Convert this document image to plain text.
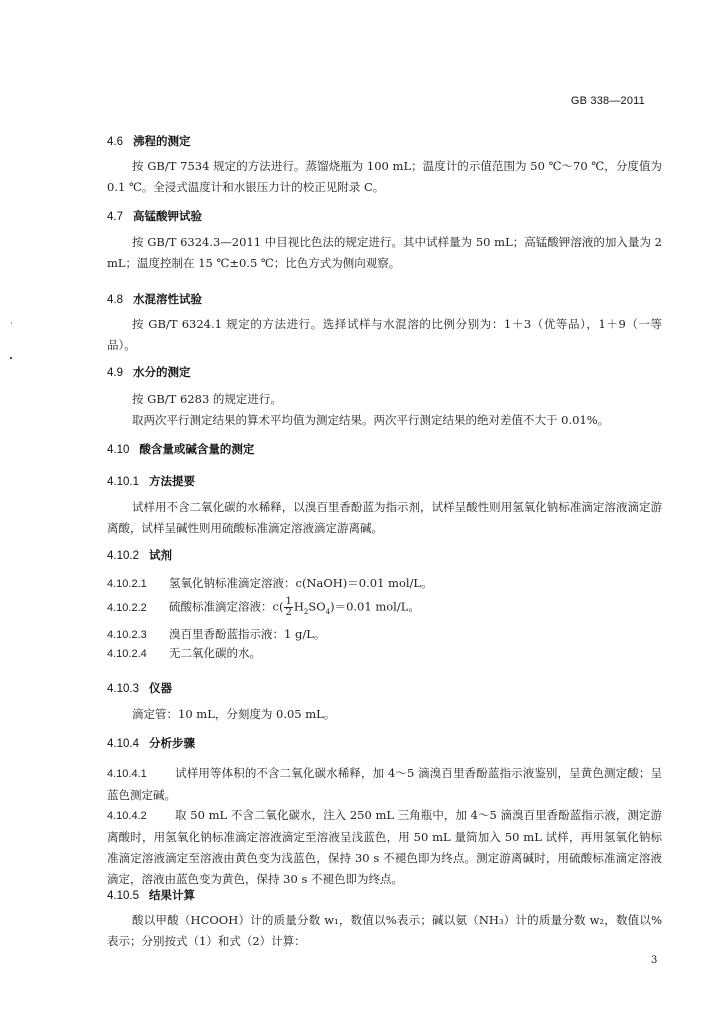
GB 338—2011
4.6 沸程的测定
按 GB/T 7534 规定的方法进行。蒸馏烧瓶为 100 mL；温度计的示值范围为 50 ℃～70 ℃，分度值为 0.1 ℃。全浸式温度计和水银压力计的校正见附录 C。
4.7 高锰酸钾试验
按 GB/T 6324.3—2011 中目视比色法的规定进行。其中试样量为 50 mL；高锰酸钾溶液的加入量为 2 mL；温度控制在 15 ℃±0.5 ℃；比色方式为侧向观察。
4.8 水混溶性试验
按 GB/T 6324.1 规定的方法进行。选择试样与水混溶的比例分别为：1＋3（优等品），1＋9（一等品）。
4.9 水分的测定
按 GB/T 6283 的规定进行。
取两次平行测定结果的算术平均值为测定结果。两次平行测定结果的绝对差值不大于 0.01%。
4.10 酸含量或碱含量的测定
4.10.1 方法提要
试样用不含二氧化碳的水稀释，以溴百里香酚蓝为指示剂，试样呈酸性则用氢氧化钠标准滴定溶液滴定游离酸，试样呈碱性则用硫酸标准滴定溶液滴定游离碱。
4.10.2 试剂
4.10.2.1 氢氧化钠标准滴定溶液：c(NaOH)＝0.01 mol/L。
4.10.2.2 硫酸标准滴定溶液：$c( \frac{1}{2} H_2SO_4)=0.01$ mol/L。
4.10.2.3 溴百里香酚蓝指示液：1 g/L。
4.10.2.4 无二氧化碳的水。
4.10.3 仪器
滴定管：10 mL，分刻度为 0.05 mL。
4.10.4 分析步骤
4.10.4.1 试样用等体积的不含二氧化碳水稀释，加 4～5 滴溴百里香酚蓝指示液鉴别，呈黄色测定酸；呈蓝色测定碱。
4.10.4.2 取 50 mL 不含二氧化碳水，注入 250 mL 三角瓶中，加 4～5 滴溴百里香酚蓝指示液，测定游离酸时，用氢氧化钠标准滴定溶液滴定至溶液呈浅蓝色，用 50 mL 量筒加入 50 mL 试样，再用氢氧化钠标准滴定溶液滴定至溶液由黄色变为浅蓝色，保持 30 s 不褪色即为终点。测定游离碱时，用硫酸标准滴定溶液滴定，溶液由蓝色变为黄色，保持 30 s 不褪色即为终点。
4.10.5 结果计算
酸以甲酸（HCOOH）计的质量分数 w₁，数值以%表示；碱以氨（NH₃）计的质量分数 w₂，数值以%表示；分别按式（1）和式（2）计算：
3
